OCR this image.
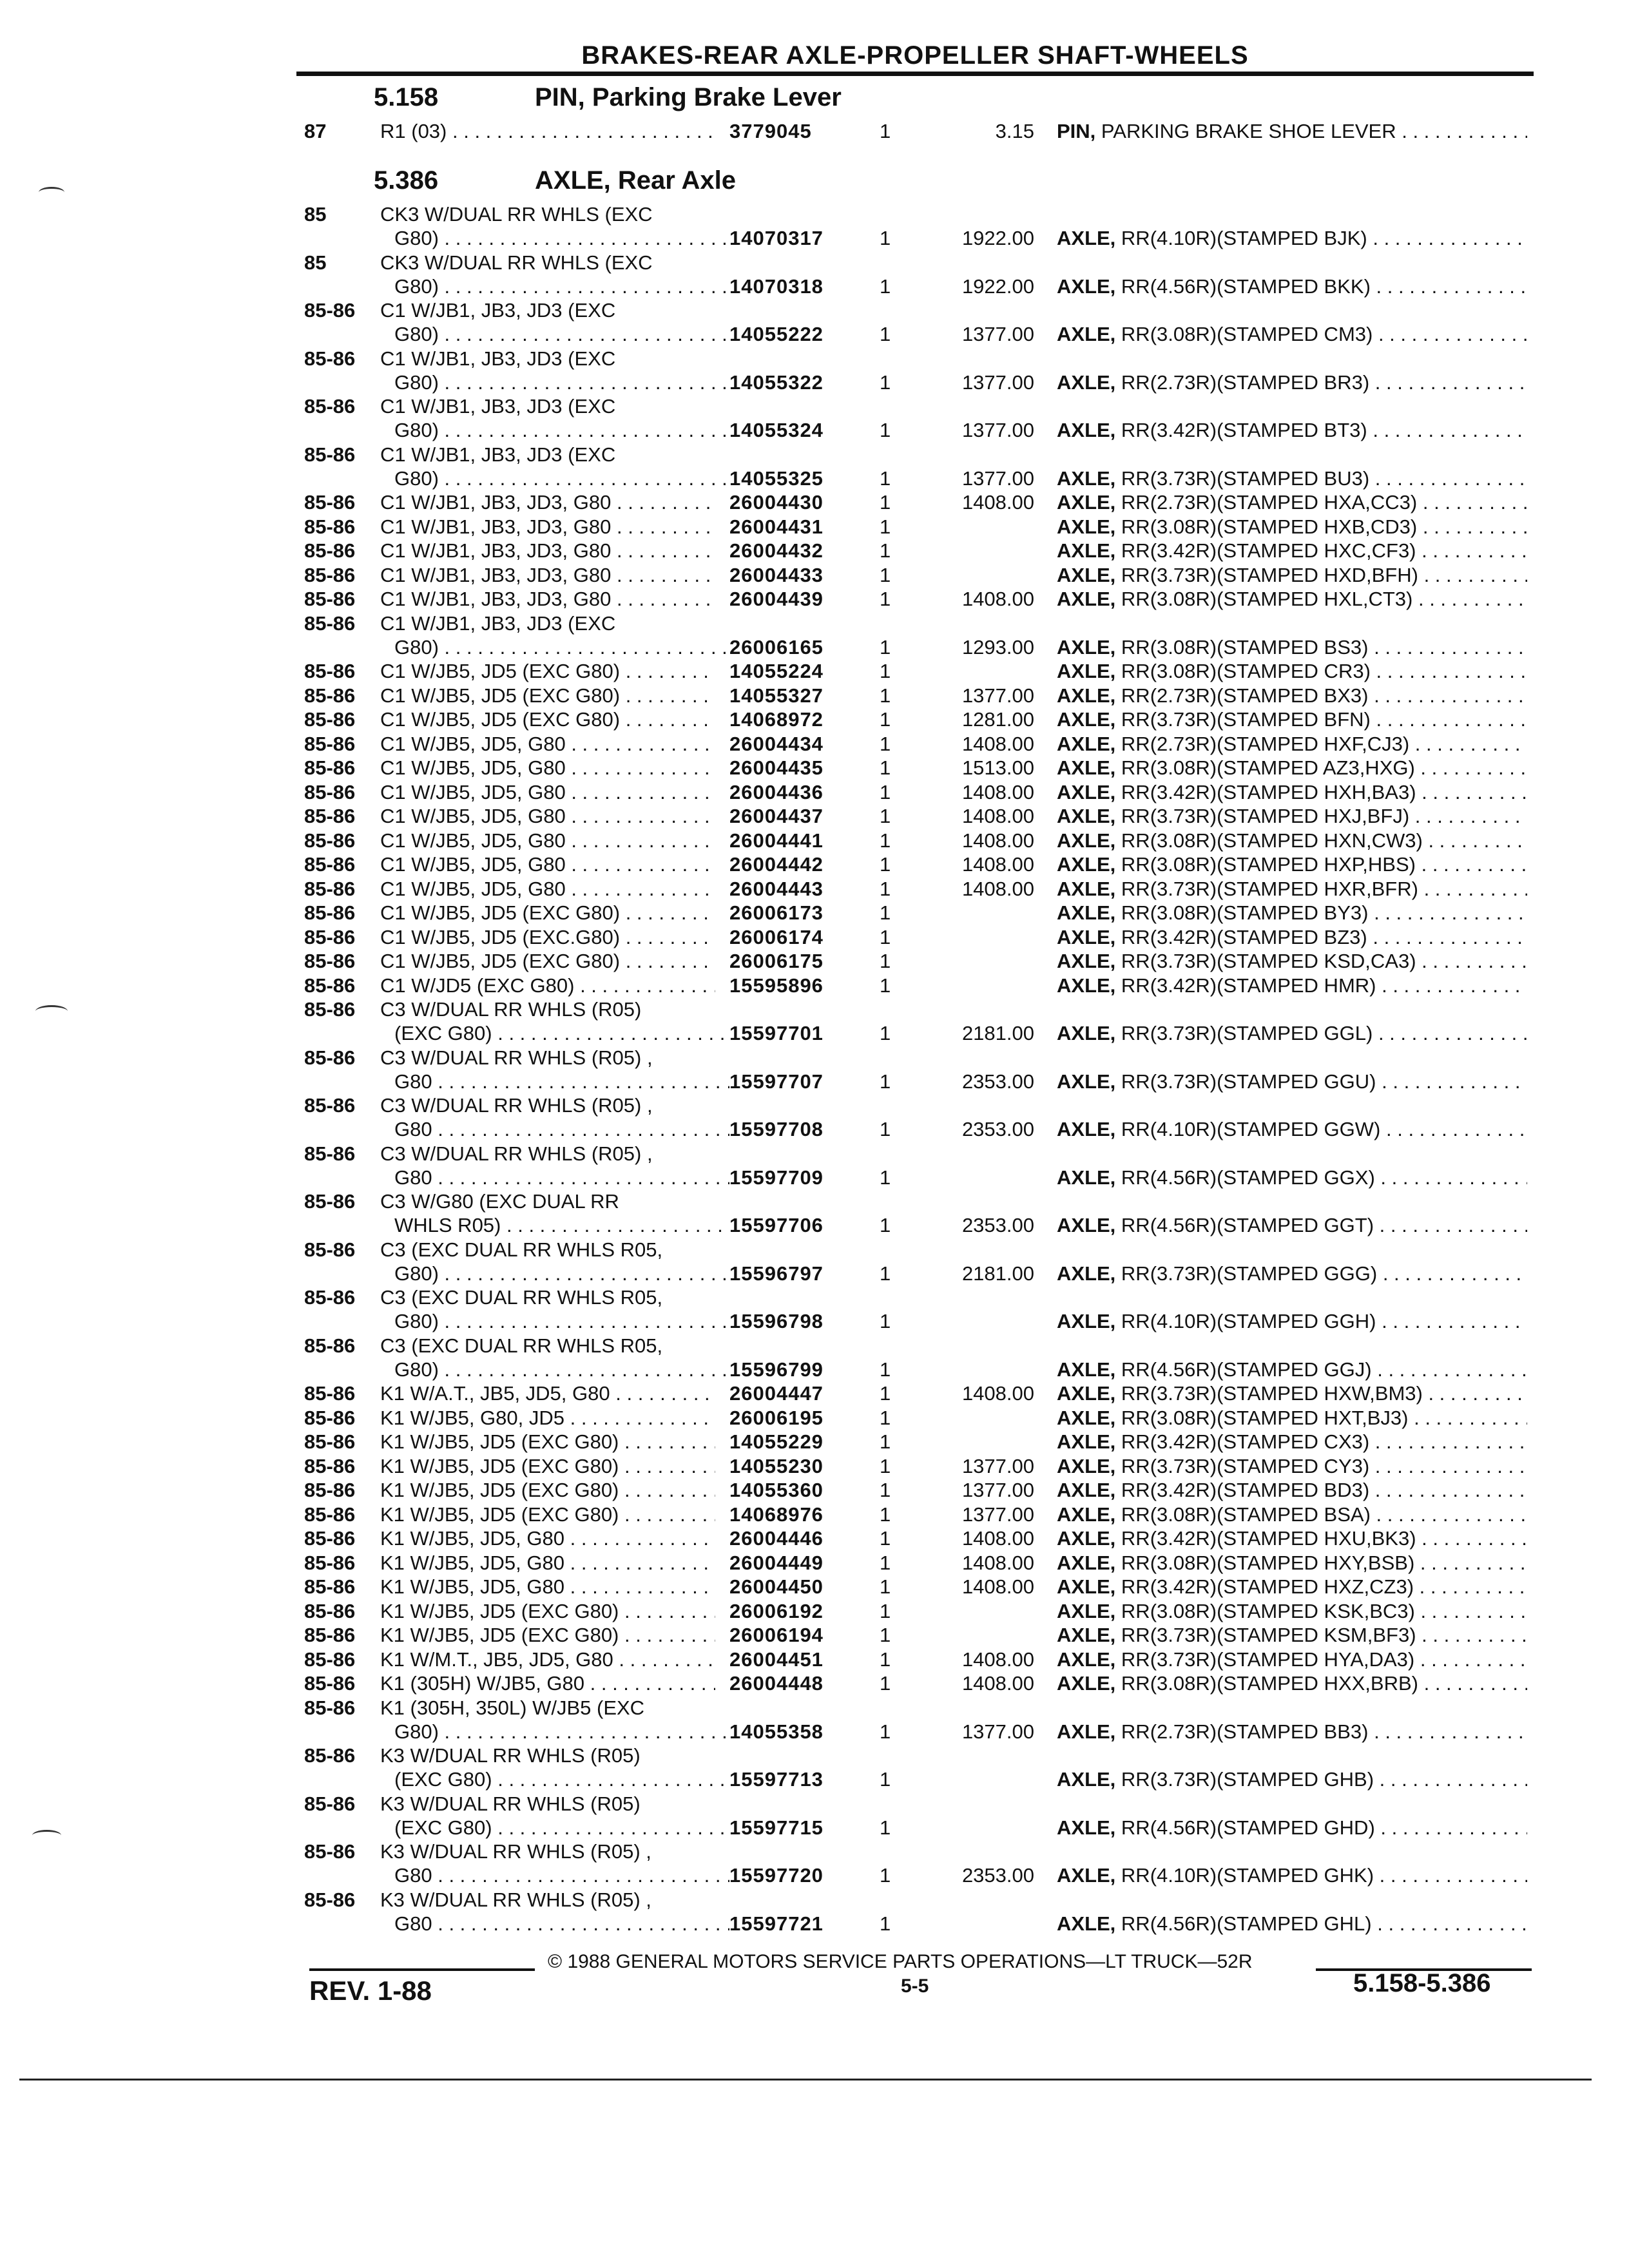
BRAKES-REAR AXLE-PROPELLER SHAFT-WHEELS
5.158	PIN, Parking Brake Lever
87	R1 (03) . . .	3779045	1	3.15 PIN, PARKING BRAKE SHOE LEVER . . .
5.386	AXLE, Rear Axle
85	CK3 W/DUAL RR WHLS (EXC
G80) . . .	14070317	1	1922.00 AXLE, RR(4.10R)(STAMPED BJK) . . .
85	CK3 W/DUAL RR WHLS (EXC
G80) . . .	14070318	1	1922.00 AXLE, RR(4.56R)(STAMPED BKK) . . .
85-86 C1 W/JB1, JB3, JD3 (EXC
G80) . . .	14055222	1	1377.00 AXLE, RR(3.08R)(STAMPED CM3) . . .
85-86 C1 W/JB1, JB3, JD3 (EXC
G80) . . .	14055322	1	1377.00 AXLE, RR(2.73R)(STAMPED BR3) . . .
85-86 C1 W/JB1, JB3, JD3 (EXC
G80) . . .	14055324	1	1377.00 AXLE, RR(3.42R)(STAMPED BT3) . . .
85-86 C1 W/JB1, JB3, JD3 (EXC
G80) . . .	14055325	1	1377.00 AXLE, RR(3.73R)(STAMPED BU3) . . .
85-86 C1 W/JB1, JB3, JD3, G80 . . .	26004430	1	1408.00 AXLE, RR(2.73R)(STAMPED HXA,CC3) . . .
85-86 C1 W/JB1, JB3, JD3, G80 . . .	26004431	1	AXLE, RR(3.08R)(STAMPED HXB,CD3) . . .
85-86 C1 W/JB1, JB3, JD3, G80 . . .	26004432	1	AXLE, RR(3.42R)(STAMPED HXC,CF3) . . .
85-86 C1 W/JB1, JB3, JD3, G80 . . .	26004433	1	AXLE, RR(3.73R)(STAMPED HXD,BFH) . . .
85-86 C1 W/JB1, JB3, JD3, G80 . . .	26004439	1	1408.00 AXLE, RR(3.08R)(STAMPED HXL,CT3) . . .
85-86 C1 W/JB1, JB3, JD3 (EXC
G80) . . .	26006165	1	1293.00 AXLE, RR(3.08R)(STAMPED BS3) . . .
85-86 C1 W/JB5, JD5 (EXC G80) . . .	14055224	1	AXLE, RR(3.08R)(STAMPED CR3) . . .
85-86 C1 W/JB5, JD5 (EXC G80) . . .	14055327	1	1377.00 AXLE, RR(2.73R)(STAMPED BX3) . . .
85-86 C1 W/JB5, JD5 (EXC G80) . . .	14068972	1	1281.00 AXLE, RR(3.73R)(STAMPED BFN) . . .
85-86 C1 W/JB5, JD5, G80 . . .	26004434	1	1408.00 AXLE, RR(2.73R)(STAMPED HXF,CJ3) . . .
85-86 C1 W/JB5, JD5, G80 . . .	26004435	1	1513.00 AXLE, RR(3.08R)(STAMPED AZ3,HXG) . . .
85-86 C1 W/JB5, JD5, G80 . . .	26004436	1	1408.00 AXLE, RR(3.42R)(STAMPED HXH,BA3) . . .
85-86 C1 W/JB5, JD5, G80 . . .	26004437	1	1408.00 AXLE, RR(3.73R)(STAMPED HXJ,BFJ) . . .
85-86 C1 W/JB5, JD5, G80 . . .	26004441	1	1408.00 AXLE, RR(3.08R)(STAMPED HXN,CW3) . . .
85-86 C1 W/JB5, JD5, G80 . . .	26004442	1	1408.00 AXLE, RR(3.08R)(STAMPED HXP,HBS) . . .
85-86 C1 W/JB5, JD5, G80 . . .	26004443	1	1408.00 AXLE, RR(3.73R)(STAMPED HXR,BFR) . . .
85-86 C1 W/JB5, JD5 (EXC G80) . . .	26006173	1	AXLE, RR(3.08R)(STAMPED BY3) . . .
85-86 C1 W/JB5, JD5 (EXC.G80) . . .	26006174	1	AXLE, RR(3.42R)(STAMPED BZ3) . . .
85-86 C1 W/JB5, JD5 (EXC G80) . . .	26006175	1	AXLE, RR(3.73R)(STAMPED KSD,CA3) . . .
85-86 C1 W/JD5 (EXC G80) . . .	15595896	1	AXLE, RR(3.42R)(STAMPED HMR) . . .
85-86 C3 W/DUAL RR WHLS (R05)
(EXC G80) . . .	15597701	1	2181.00 AXLE, RR(3.73R)(STAMPED GGL) . . .
85-86 C3 W/DUAL RR WHLS (R05) ,
G80 . . .	15597707	1	2353.00 AXLE, RR(3.73R)(STAMPED GGU) . . .
85-86 C3 W/DUAL RR WHLS (R05) ,
G80 . . .	15597708	1	2353.00 AXLE, RR(4.10R)(STAMPED GGW) . . .
85-86 C3 W/DUAL RR WHLS (R05) ,
G80 . . .	15597709	1	AXLE, RR(4.56R)(STAMPED GGX) . . .
85-86 C3 W/G80 (EXC DUAL RR
WHLS R05) . . .	15597706	1	2353.00 AXLE, RR(4.56R)(STAMPED GGT) . . .
85-86 C3 (EXC DUAL RR WHLS R05,
G80) . . .	15596797	1	2181.00 AXLE, RR(3.73R)(STAMPED GGG) . . .
85-86 C3 (EXC DUAL RR WHLS R05,
G80) . . .	15596798	1	AXLE, RR(4.10R)(STAMPED GGH) . . .
85-86 C3 (EXC DUAL RR WHLS R05,
G80) . . .	15596799	1	AXLE, RR(4.56R)(STAMPED GGJ) . . .
85-86 K1 W/A.T., JB5, JD5, G80 . . .	26004447	1	1408.00 AXLE, RR(3.73R)(STAMPED HXW,BM3) . . .
85-86 K1 W/JB5, G80, JD5 . . .	26006195	1	AXLE, RR(3.08R)(STAMPED HXT,BJ3) . . .
85-86 K1 W/JB5, JD5 (EXC G80) . . .	14055229	1	AXLE, RR(3.42R)(STAMPED CX3) . . .
85-86 K1 W/JB5, JD5 (EXC G80) . . .	14055230	1	1377.00 AXLE, RR(3.73R)(STAMPED CY3) . . .
85-86 K1 W/JB5, JD5 (EXC G80) . . .	14055360	1	1377.00 AXLE, RR(3.42R)(STAMPED BD3) . . .
85-86 K1 W/JB5, JD5 (EXC G80) . . .	14068976	1	1377.00 AXLE, RR(3.08R)(STAMPED BSA) . . .
85-86 K1 W/JB5, JD5, G80 . . .	26004446	1	1408.00 AXLE, RR(3.42R)(STAMPED HXU,BK3) . . .
85-86 K1 W/JB5, JD5, G80 . . .	26004449	1	1408.00 AXLE, RR(3.08R)(STAMPED HXY,BSB) . . .
85-86 K1 W/JB5, JD5, G80 . . .	26004450	1	1408.00 AXLE, RR(3.42R)(STAMPED HXZ,CZ3) . . .
85-86 K1 W/JB5, JD5 (EXC G80) . . .	26006192	1	AXLE, RR(3.08R)(STAMPED KSK,BC3) . . .
85-86 K1 W/JB5, JD5 (EXC G80) . . .	26006194	1	AXLE, RR(3.73R)(STAMPED KSM,BF3) . . .
85-86 K1 W/M.T., JB5, JD5, G80 . . .	26004451	1	1408.00 AXLE, RR(3.73R)(STAMPED HYA,DA3) . . .
85-86 K1 (305H) W/JB5, G80 . . .	26004448	1	1408.00 AXLE, RR(3.08R)(STAMPED HXX,BRB) . . .
85-86 K1 (305H, 350L) W/JB5 (EXC
G80) . . .	14055358	1	1377.00 AXLE, RR(2.73R)(STAMPED BB3) . . .
85-86 K3 W/DUAL RR WHLS (R05)
(EXC G80) . . .	15597713	1	AXLE, RR(3.73R)(STAMPED GHB) . . .
85-86 K3 W/DUAL RR WHLS (R05)
(EXC G80) . . .	15597715	1	AXLE, RR(4.56R)(STAMPED GHD) . . .
85-86 K3 W/DUAL RR WHLS (R05) ,
G80 . . .	15597720	1	2353.00 AXLE, RR(4.10R)(STAMPED GHK) . . .
85-86 K3 W/DUAL RR WHLS (R05) ,
G80 . . .	15597721	1	AXLE, RR(4.56R)(STAMPED GHL) . . .
© 1988 GENERAL MOTORS SERVICE PARTS OPERATIONS—LT TRUCK—52R
REV. 1-88	5-5	5.158-5.386
